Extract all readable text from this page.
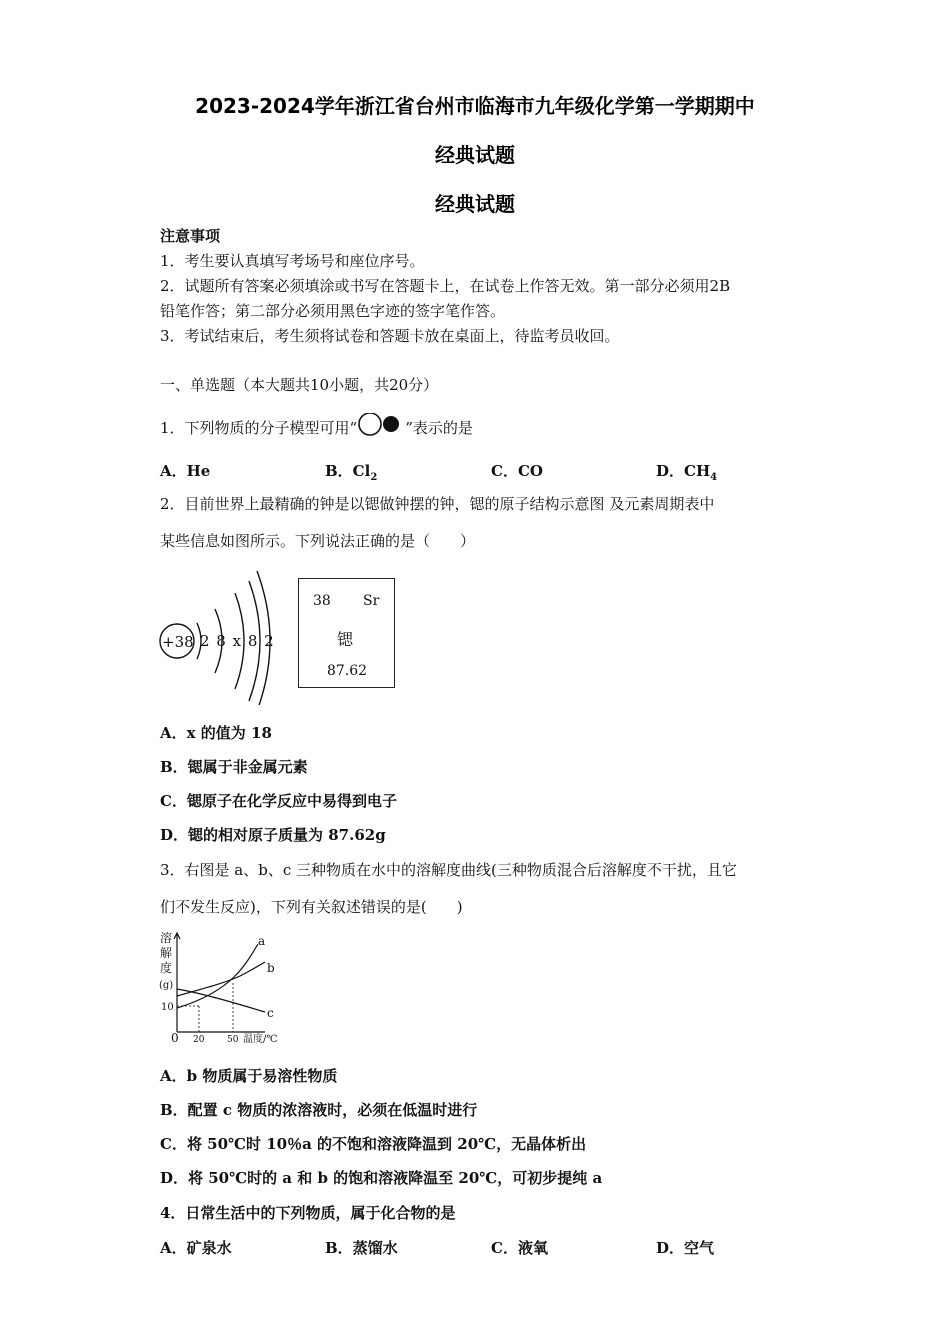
2023-2024学年浙江省台州市临海市九年级化学第一学期期中
经典试题
经典试题
注意事项
1．考生要认真填写考场号和座位序号。
2．试题所有答案必须填涂或书写在答题卡上，在试卷上作答无效。第一部分必须用2B
铅笔作答；第二部分必须用黑色字迹的签字笔作答。
3．考试结束后，考生须将试卷和答题卡放在桌面上，待监考员收回。
一、单选题（本大题共10小题，共20分）
1．下列物质的分子模型可用“	”表示的是
A．He	B．$Cl_2$	C．CO	D．$CH_4$
2．目前世界上最精确的钟是以锶做钟摆的钟，锶的原子结构示意图 及元素周期表中
某些信息如图所示。下列说法正确的是（　　）
+38 2 8 x 8 2
38 Sr
锶
87.62
A．x 的值为 18
B．锶属于非金属元素
C．锶原子在化学反应中易得到电子
D．锶的相对原子质量为 87.62g
3．右图是 a、b、c 三种物质在水中的溶解度曲线(三种物质混合后溶解度不干扰，且它
们不发生反应)，下列有关叙述错误的是(　　)
溶
解
度
(g)
10
0 20	50 温度/℃
a
b
c
A．b 物质属于易溶性物质
B．配置 c 物质的浓溶液时，必须在低温时进行
C．将 50℃时 10％a 的不饱和溶液降温到 20℃，无晶体析出
D．将 50℃时的 a 和 b 的饱和溶液降温至 20℃，可初步提纯 a
4．日常生活中的下列物质，属于化合物的是
A．矿泉水	B．蒸馏水	C．液氧	D．空气
